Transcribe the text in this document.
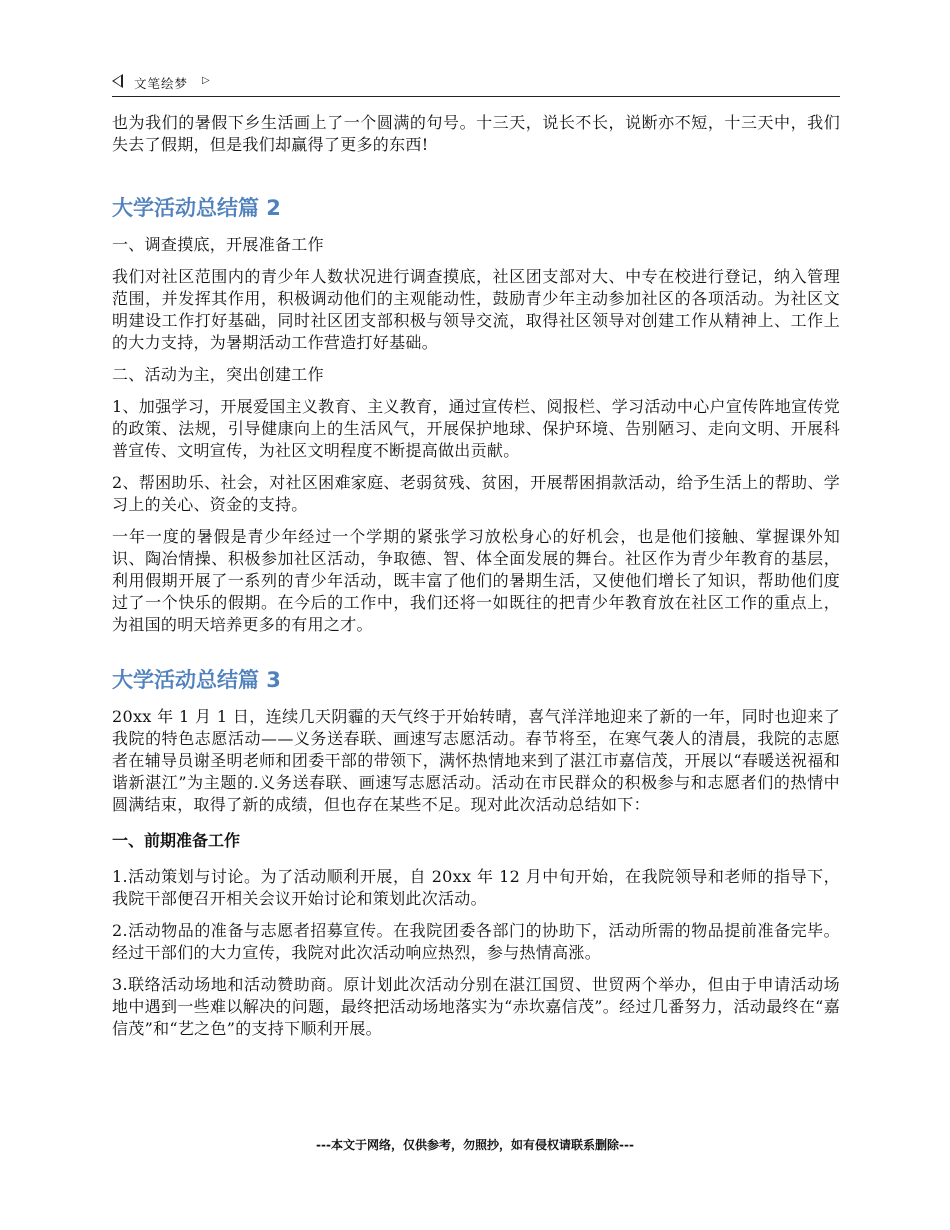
文笔绘梦 ▷

也为我们的暑假下乡生活画上了一个圆满的句号。十三天，说长不长，说断亦不短，十三天中，我们失去了假期，但是我们却赢得了更多的东西!

大学活动总结篇 2

一、调查摸底，开展准备工作

我们对社区范围内的青少年人数状况进行调查摸底，社区团支部对大、中专在校进行登记，纳入管理范围，并发挥其作用，积极调动他们的主观能动性，鼓励青少年主动参加社区的各项活动。为社区文明建设工作打好基础，同时社区团支部积极与领导交流，取得社区领导对创建工作从精神上、工作上的大力支持，为暑期活动工作营造打好基础。

二、活动为主，突出创建工作

1、加强学习，开展爱国主义教育、主义教育，通过宣传栏、阅报栏、学习活动中心户宣传阵地宣传党的政策、法规，引导健康向上的生活风气，开展保护地球、保护环境、告别陋习、走向文明、开展科普宣传、文明宣传，为社区文明程度不断提高做出贡献。

2、帮困助乐、社会，对社区困难家庭、老弱贫残、贫困，开展帮困捐款活动，给予生活上的帮助、学习上的关心、资金的支持。

一年一度的暑假是青少年经过一个学期的紧张学习放松身心的好机会，也是他们接触、掌握课外知识、陶冶情操、积极参加社区活动，争取德、智、体全面发展的舞台。社区作为青少年教育的基层，利用假期开展了一系列的青少年活动，既丰富了他们的暑期生活，又使他们增长了知识，帮助他们度过了一个快乐的假期。在今后的工作中，我们还将一如既往的把青少年教育放在社区工作的重点上，为祖国的明天培养更多的有用之才。

大学活动总结篇 3

20xx 年 1 月 1 日，连续几天阴霾的天气终于开始转晴，喜气洋洋地迎来了新的一年，同时也迎来了我院的特色志愿活动——义务送春联、画速写志愿活动。春节将至，在寒气袭人的清晨，我院的志愿者在辅导员谢圣明老师和团委干部的带领下，满怀热情地来到了湛江市嘉信茂，开展以“春暖送祝福和谐新湛江”为主题的.义务送春联、画速写志愿活动。活动在市民群众的积极参与和志愿者们的热情中圆满结束，取得了新的成绩，但也存在某些不足。现对此次活动总结如下：

一、前期准备工作

1.活动策划与讨论。为了活动顺利开展，自 20xx 年 12 月中旬开始，在我院领导和老师的指导下，我院干部便召开相关会议开始讨论和策划此次活动。

2.活动物品的准备与志愿者招募宣传。在我院团委各部门的协助下，活动所需的物品提前准备完毕。经过干部们的大力宣传，我院对此次活动响应热烈，参与热情高涨。

3.联络活动场地和活动赞助商。原计划此次活动分别在湛江国贸、世贸两个举办，但由于申请活动场地中遇到一些难以解决的问题，最终把活动场地落实为“赤坎嘉信茂”。经过几番努力，活动最终在“嘉信茂”和“艺之色”的支持下顺利开展。

---本文于网络，仅供参考，勿照抄，如有侵权请联系删除---
